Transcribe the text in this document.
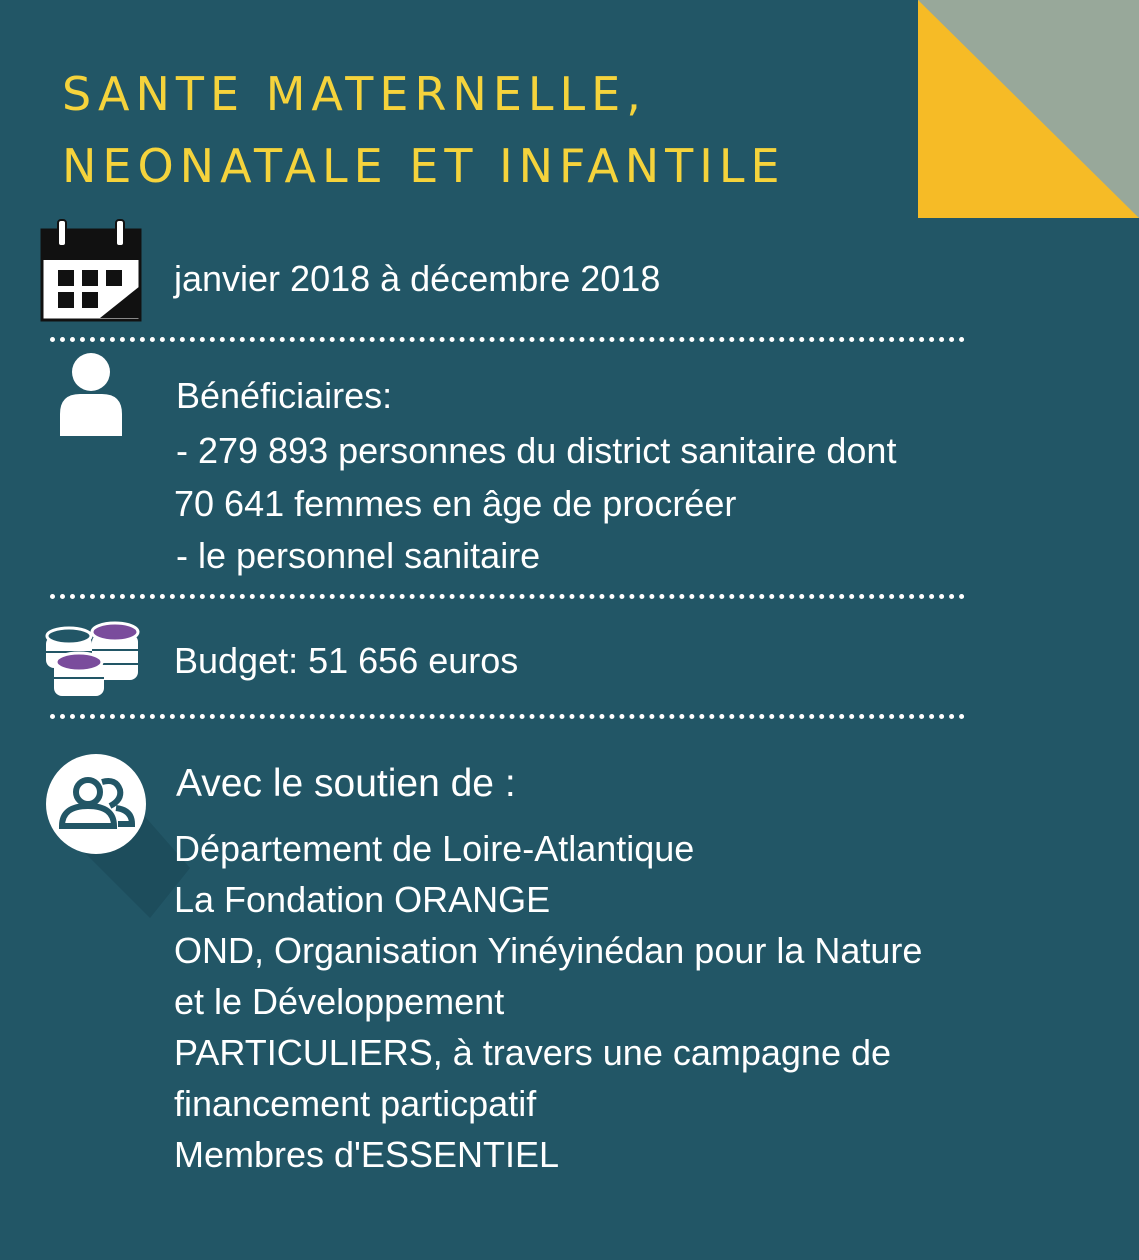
SANTE MATERNELLE,
NEONATALE ET INFANTILE

janvier 2018 à décembre 2018

Bénéficiaires:

- 279 893 personnes du district sanitaire dont

70 641 femmes en âge de procréer

- le personnel sanitaire

Budget: 51 656 euros

Avec le soutien de :

Département de Loire-Atlantique
La Fondation ORANGE
OND, Organisation Yinéyinédan pour la Nature
et le Développement
PARTICULIERS, à travers une campagne de
financement particpatif
Membres d'ESSENTIEL
